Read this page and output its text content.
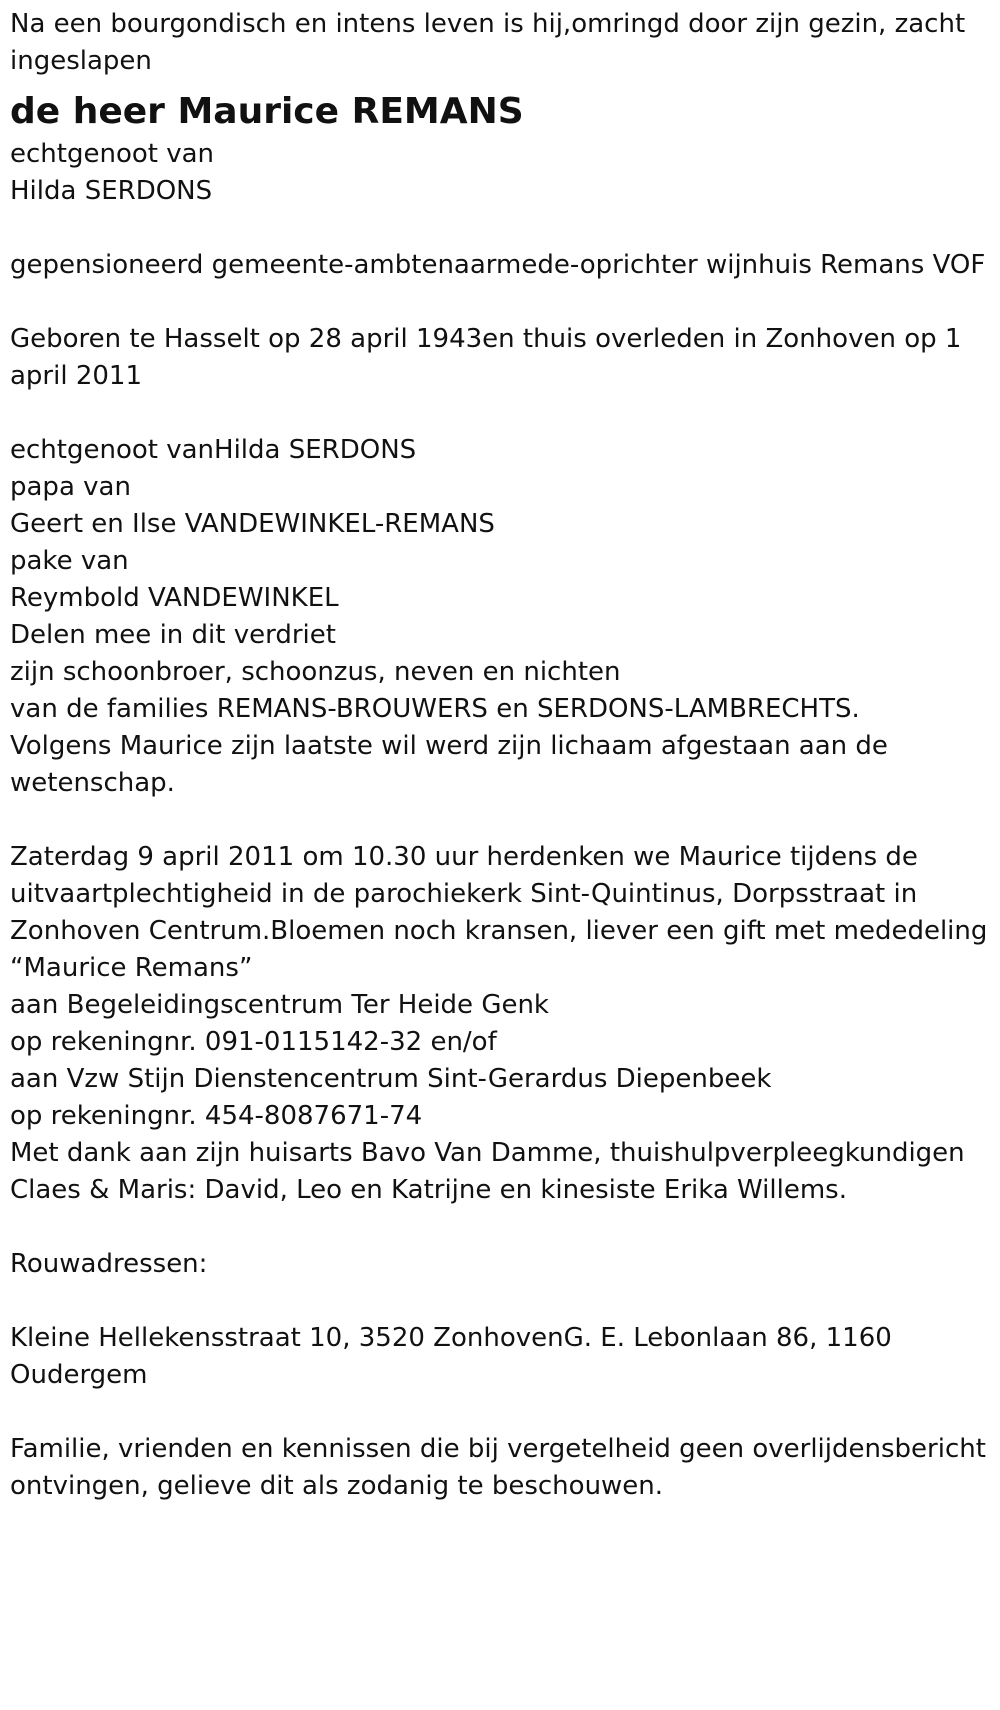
Na een bourgondisch en intens leven is hij,omringd door zijn gezin, zacht ingeslapen

de heer Maurice REMANS

echtgenoot van

Hilda SERDONS

gepensioneerd gemeente-ambtenaarmede-oprichter wijnhuis Remans VOF

Geboren te Hasselt op 28 april 1943en thuis overleden in Zonhoven op 1 april 2011

echtgenoot vanHilda SERDONS

papa van

Geert en Ilse VANDEWINKEL-REMANS

pake van

Reymbold VANDEWINKEL

Delen mee in dit verdriet

zijn schoonbroer, schoonzus, neven en nichten

van de families REMANS-BROUWERS en SERDONS-LAMBRECHTS.

Volgens Maurice zijn laatste wil werd zijn lichaam afgestaan aan de wetenschap.

Zaterdag 9 april 2011 om 10.30 uur herdenken we Maurice tijdens de uitvaartplechtigheid in de parochiekerk Sint-Quintinus, Dorpsstraat in Zonhoven Centrum.Bloemen noch kransen, liever een gift met mededeling “Maurice Remans”

aan Begeleidingscentrum Ter Heide Genk

op rekeningnr. 091-0115142-32 en/of

aan Vzw Stijn Dienstencentrum Sint-Gerardus Diepenbeek

op rekeningnr. 454-8087671-74

Met dank aan zijn huisarts Bavo Van Damme, thuishulpverpleegkundigen Claes & Maris: David, Leo en Katrijne en kinesiste Erika Willems.

Rouwadressen:

Kleine Hellekensstraat 10, 3520 ZonhovenG. E. Lebonlaan 86, 1160 Oudergem

Familie, vrienden en kennissen die bij vergetelheid geen overlijdensbericht ontvingen, gelieve dit als zodanig te beschouwen.
